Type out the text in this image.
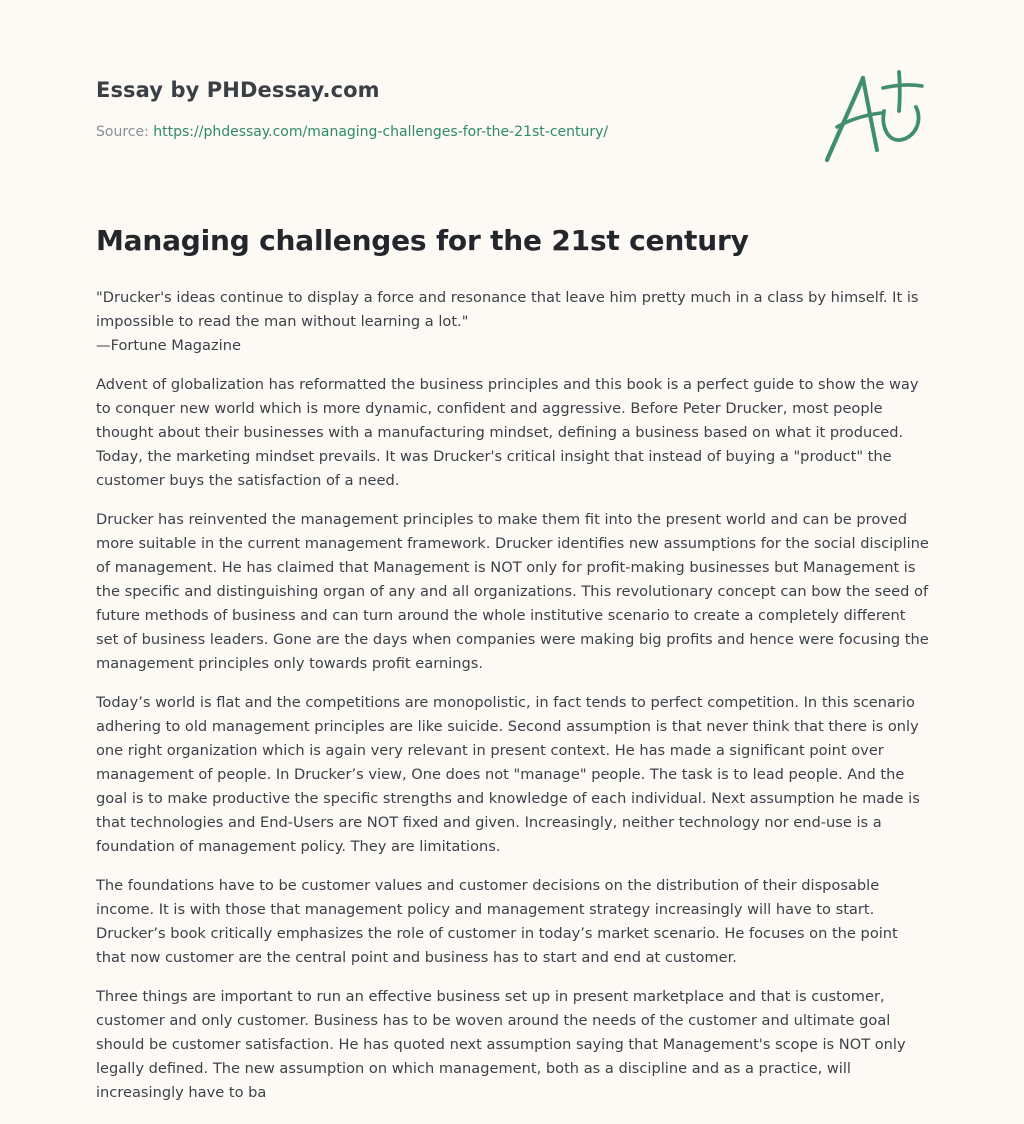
Essay by PHDessay.com
Source: https://phdessay.com/managing-challenges-for-the-21st-century/
Managing challenges for the 21st century

"Drucker's ideas continue to display a force and resonance that leave him pretty much in a class by himself. It is impossible to read the man without learning a lot."
—Fortune Magazine

Advent of globalization has reformatted the business principles and this book is a perfect guide to show the way to conquer new world which is more dynamic, confident and aggressive. Before Peter Drucker, most people thought about their businesses with a manufacturing mindset, defining a business based on what it produced. Today, the marketing mindset prevails. It was Drucker's critical insight that instead of buying a "product" the customer buys the satisfaction of a need.

Drucker has reinvented the management principles to make them fit into the present world and can be proved more suitable in the current management framework. Drucker identifies new assumptions for the social discipline of management. He has claimed that Management is NOT only for profit-making businesses but Management is the specific and distinguishing organ of any and all organizations. This revolutionary concept can bow the seed of future methods of business and can turn around the whole institutive scenario to create a completely different set of business leaders. Gone are the days when companies were making big profits and hence were focusing the management principles only towards profit earnings.

Today’s world is flat and the competitions are monopolistic, in fact tends to perfect competition. In this scenario adhering to old management principles are like suicide. Second assumption is that never think that there is only one right organization which is again very relevant in present context. He has made a significant point over management of people. In Drucker’s view, One does not "manage" people. The task is to lead people. And the goal is to make productive the specific strengths and knowledge of each individual. Next assumption he made is that technologies and End-Users are NOT fixed and given. Increasingly, neither technology nor end-use is a foundation of management policy. They are limitations.

The foundations have to be customer values and customer decisions on the distribution of their disposable income. It is with those that management policy and management strategy increasingly will have to start. Drucker’s book critically emphasizes the role of customer in today’s market scenario. He focuses on the point that now customer are the central point and business has to start and end at customer.

Three things are important to run an effective business set up in present marketplace and that is customer, customer and only customer. Business has to be woven around the needs of the customer and ultimate goal should be customer satisfaction. He has quoted next assumption saying that Management's scope is NOT only legally defined. The new assumption on which management, both as a discipline and as a practice, will increasingly have to ba
